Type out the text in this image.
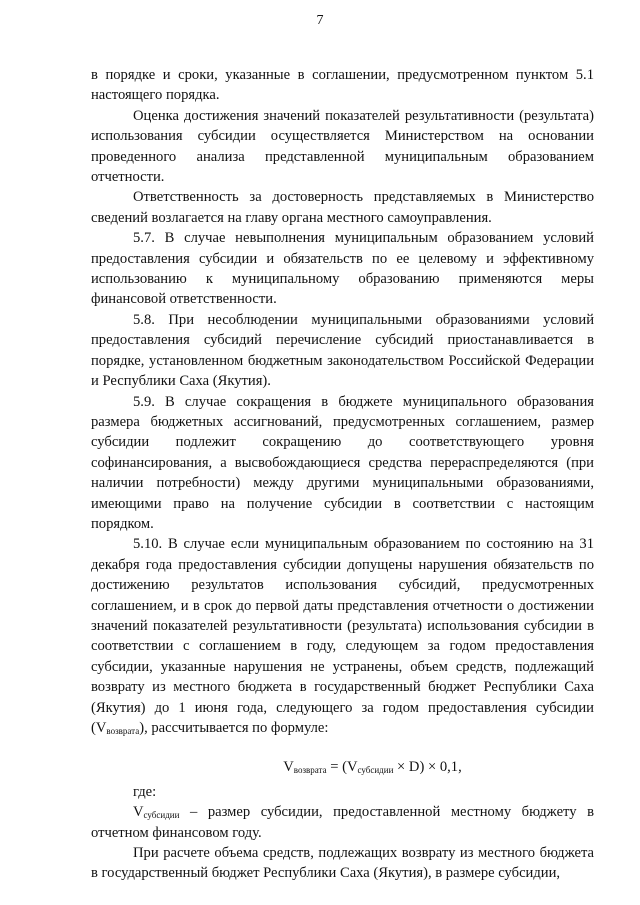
7

в порядке и сроки, указанные в соглашении, предусмотренном пунктом 5.1 настоящего порядка.

Оценка достижения значений показателей результативности (результата) использования субсидии осуществляется Министерством на основании проведенного анализа представленной муниципальным образованием отчетности.

Ответственность за достоверность представляемых в Министерство сведений возлагается на главу органа местного самоуправления.

5.7. В случае невыполнения муниципальным образованием условий предоставления субсидии и обязательств по ее целевому и эффективному использованию к муниципальному образованию применяются меры финансовой ответственности.

5.8. При несоблюдении муниципальными образованиями условий предоставления субсидий перечисление субсидий приостанавливается в порядке, установленном бюджетным законодательством Российской Федерации и Республики Саха (Якутия).

5.9. В случае сокращения в бюджете муниципального образования размера бюджетных ассигнований, предусмотренных соглашением, размер субсидии подлежит сокращению до соответствующего уровня софинансирования, а высвобождающиеся средства перераспределяются (при наличии потребности) между другими муниципальными образованиями, имеющими право на получение субсидии в соответствии с настоящим порядком.

5.10. В случае если муниципальным образованием по состоянию на 31 декабря года предоставления субсидии допущены нарушения обязательств по достижению результатов использования субсидий, предусмотренных соглашением, и в срок до первой даты представления отчетности о достижении значений показателей результативности (результата) использования субсидии в соответствии с соглашением в году, следующем за годом предоставления субсидии, указанные нарушения не устранены, объем средств, подлежащий возврату из местного бюджета в государственный бюджет Республики Саха (Якутия) до 1 июня года, следующего за годом предоставления субсидии $(V_{возврата})$, рассчитывается по формуле:

$V_{возврата} = (V_{субсидии} \times D) \times 0,1$,

где:

$V_{субсидии}$ – размер субсидии, предоставленной местному бюджету в отчетном финансовом году.

При расчете объема средств, подлежащих возврату из местного бюджета в государственный бюджет Республики Саха (Якутия), в размере субсидии,
